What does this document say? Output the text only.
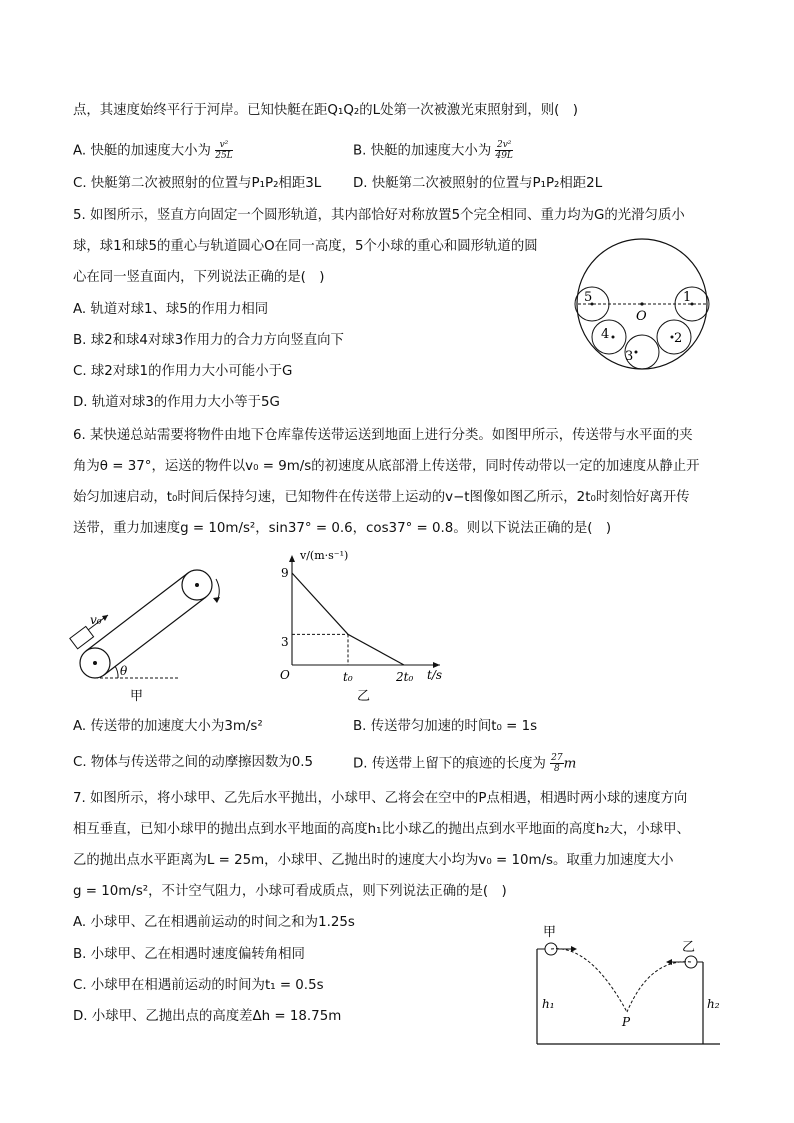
点，其速度始终平行于河岸。已知快艇在距Q₁Q₂的L处第一次被激光束照射到，则(　)
A. 快艇的加速度大小为 $\frac{\text{v²}}{25L}$	B. 快艇的加速度大小为 $\frac{\text{2v²}}{49L}$
C. 快艇第二次被照射的位置与P₁P₂相距3L D. 快艇第二次被照射的位置与P₁P₂相距2L
5. 如图所示，竖直方向固定一个圆形轨道，其内部恰好对称放置5个完全相同、重力均为G的光滑匀质小
球，球1和球5的重心与轨道圆心O在同一高度，5个小球的重心和圆形轨道的圆
心在同一竖直面内，下列说法正确的是(　)
A. 轨道对球1、球5的作用力相同
B. 球2和球4对球3作用力的合力方向竖直向下
C. 球2对球1的作用力大小可能小于G
D. 轨道对球3的作用力大小等于5G
O
5	1
4	2
3
6. 某快递总站需要将物件由地下仓库靠传送带运送到地面上进行分类。如图甲所示，传送带与水平面的夹
角为θ = 37°，运送的物件以v₀ = 9m/s的初速度从底部滑上传送带，同时传动带以一定的加速度从静止开
始匀加速启动，t₀时间后保持匀速，已知物件在传送带上运动的v−t图像如图乙所示，2t₀时刻恰好离开传
送带，重力加速度g = 10m/s²，sin37° = 0.6，cos37° = 0.8。则以下说法正确的是(　)
v₀
θ
甲
v/(m·s⁻¹)
t/s
O
9
3
t₀	2t₀
乙
A. 传送带的加速度大小为3m/s²	B. 传送带匀加速的时间t₀ = 1s
C. 物体与传送带之间的动摩擦因数为0.5	D. 传送带上留下的痕迹的长度为 $\frac{27}{8}$ m
7. 如图所示，将小球甲、乙先后水平抛出，小球甲、乙将会在空中的P点相遇，相遇时两小球的速度方向
相互垂直，已知小球甲的抛出点到水平地面的高度h₁比小球乙的抛出点到水平地面的高度h₂大，小球甲、
乙的抛出点水平距离为L = 25m，小球甲、乙抛出时的速度大小均为v₀ = 10m/s。取重力加速度大小
g = 10m/s²，不计空气阻力，小球可看成质点，则下列说法正确的是(　)
A. 小球甲、乙在相遇前运动的时间之和为1.25s
B. 小球甲、乙在相遇时速度偏转角相同
C. 小球甲在相遇前运动的时间为t₁ = 0.5s
D. 小球甲、乙抛出点的高度差Δh = 18.75m
甲
乙
P
h₁	h₂
